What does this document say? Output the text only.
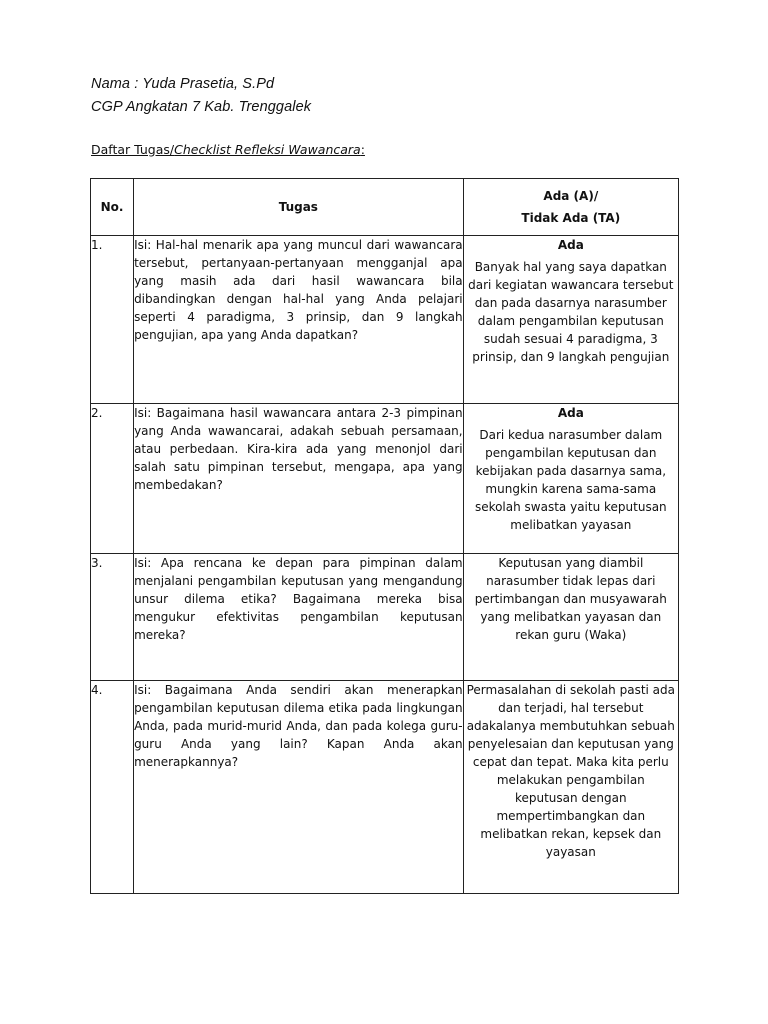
Nama : Yuda Prasetia, S.Pd
CGP Angkatan 7 Kab. Trenggalek
Daftar Tugas/Checklist Refleksi Wawancara:
No.	Tugas	Ada (A)/
Tidak Ada (TA)

1.	Isi: Hal-hal menarik apa yang muncul dari wawancara tersebut, pertanyaan-pertanyaan mengganjal apa yang masih ada dari hasil wawancara bila dibandingkan dengan hal-hal yang Anda pelajari seperti 4 paradigma, 3 prinsip, dan 9 langkah pengujian, apa yang Anda dapatkan?	Ada
Banyak hal yang saya dapatkan dari kegiatan wawancara tersebut dan pada dasarnya narasumber dalam pengambilan keputusan sudah sesuai 4 paradigma, 3 prinsip, dan 9 langkah pengujian
2.	Isi: Bagaimana hasil wawancara antara 2-3 pimpinan yang Anda wawancarai, adakah sebuah persamaan, atau perbedaan. Kira-kira ada yang menonjol dari salah satu pimpinan tersebut, mengapa, apa yang membedakan?	Ada
Dari kedua narasumber dalam pengambilan keputusan dan kebijakan pada dasarnya sama, mungkin karena sama-sama sekolah swasta yaitu keputusan melibatkan yayasan
3.	Isi: Apa rencana ke depan para pimpinan dalam menjalani pengambilan keputusan yang mengandung unsur dilema etika? Bagaimana mereka bisa mengukur efektivitas pengambilan keputusan mereka?	Keputusan yang diambil narasumber tidak lepas dari pertimbangan dan musyawarah yang melibatkan yayasan dan rekan guru (Waka)
4.	Isi: Bagaimana Anda sendiri akan menerapkan pengambilan keputusan dilema etika pada lingkungan Anda, pada murid-murid Anda, dan pada kolega guru-guru Anda yang lain? Kapan Anda akan menerapkannya?	Permasalahan di sekolah pasti ada dan terjadi, hal tersebut adakalanya membutuhkan sebuah penyelesaian dan keputusan yang cepat dan tepat. Maka kita perlu melakukan pengambilan keputusan dengan mempertimbangkan dan melibatkan rekan, kepsek dan yayasan
